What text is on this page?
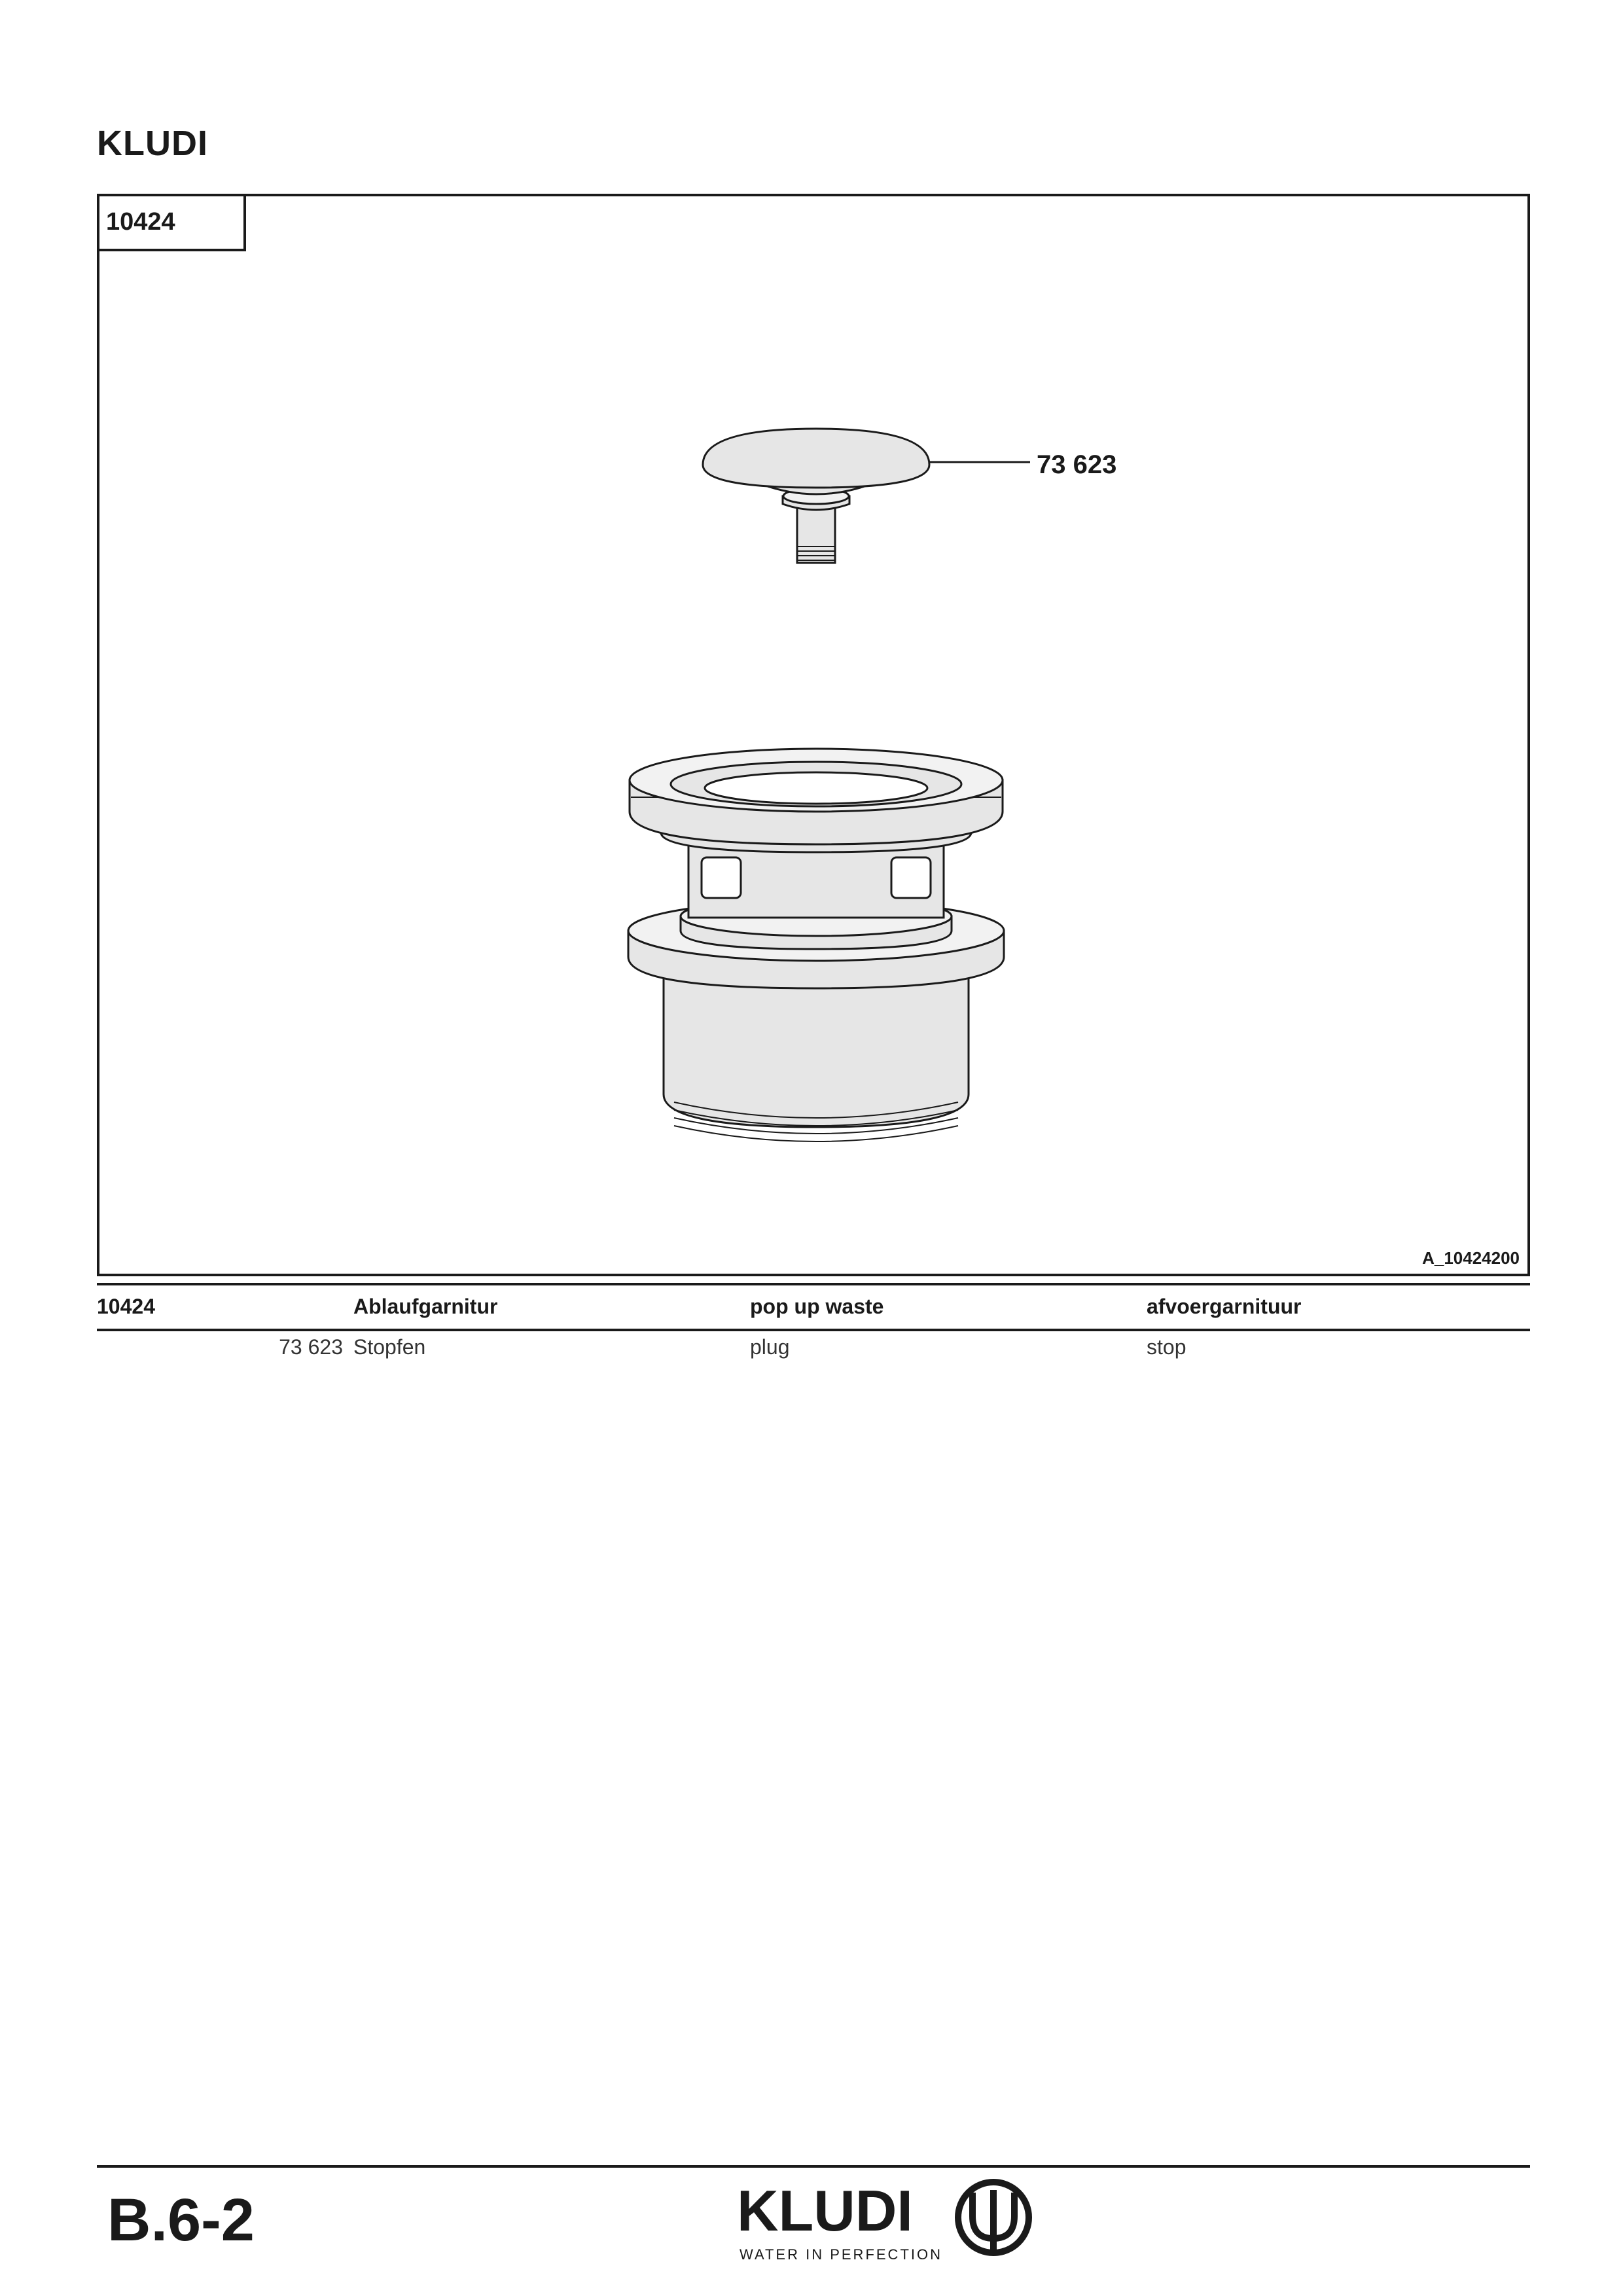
KLUDI
10424
73 623
A_10424200
10424	Ablaufgarnitur	pop up waste	afvoergarnituur
73 623 Stopfen	plug	stop
B.6-2	KLUDI
WATER IN PERFECTION
